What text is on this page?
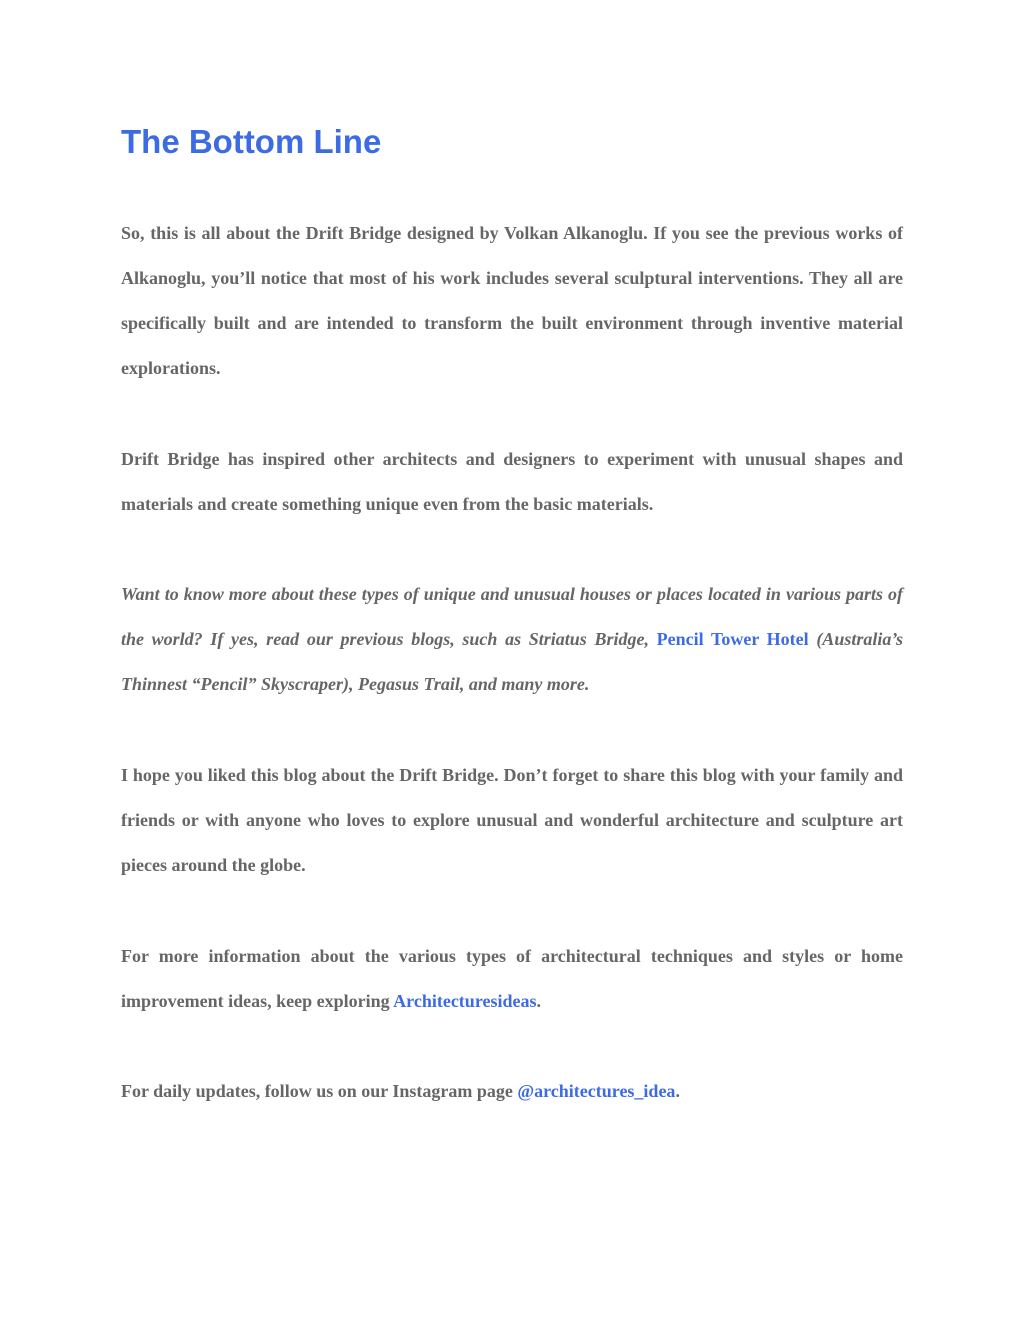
The Bottom Line

So, this is all about the Drift Bridge designed by Volkan Alkanoglu. If you see the previous works of Alkanoglu, you’ll notice that most of his work includes several sculptural interventions. They all are specifically built and are intended to transform the built environment through inventive material explorations.

Drift Bridge has inspired other architects and designers to experiment with unusual shapes and materials and create something unique even from the basic materials.

Want to know more about these types of unique and unusual houses or places located in various parts of the world? If yes, read our previous blogs, such as Striatus Bridge, Pencil Tower Hotel (Australia’s Thinnest “Pencil” Skyscraper), Pegasus Trail, and many more.

I hope you liked this blog about the Drift Bridge. Don’t forget to share this blog with your family and friends or with anyone who loves to explore unusual and wonderful architecture and sculpture art pieces around the globe.

For more information about the various types of architectural techniques and styles or home improvement ideas, keep exploring Architecturesideas.

For daily updates, follow us on our Instagram page @architectures_idea.
